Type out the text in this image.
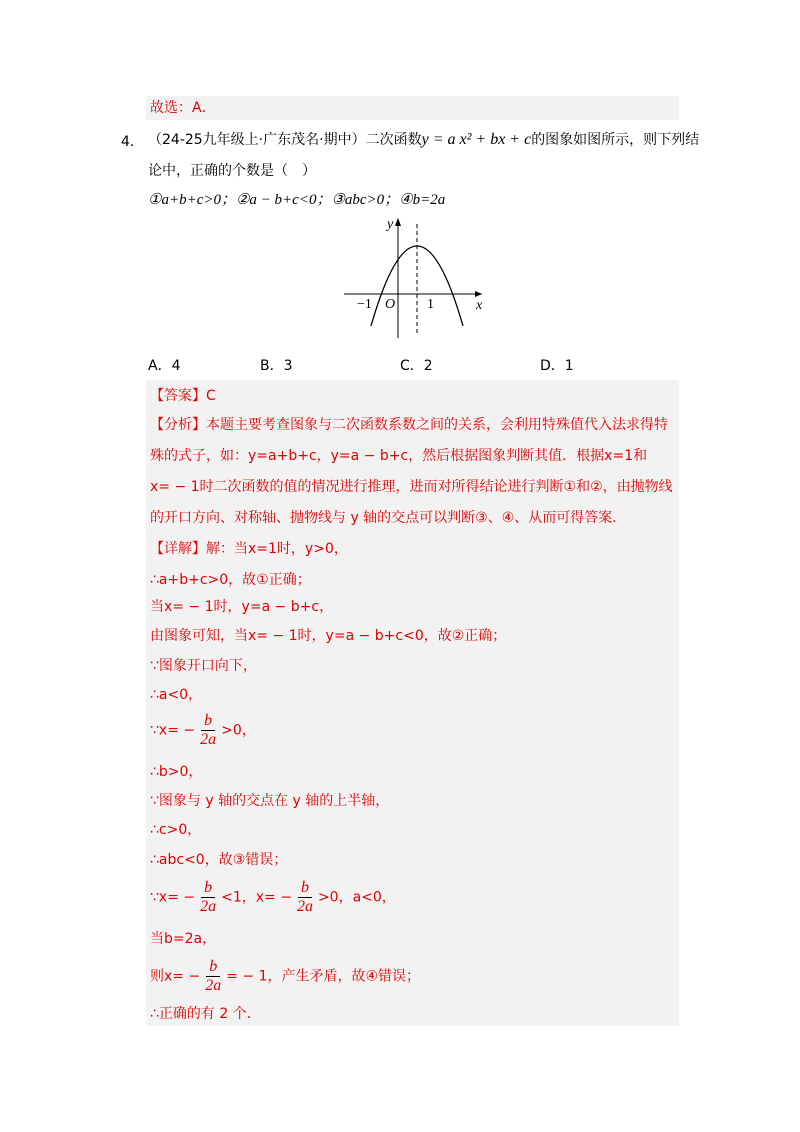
故选：A．
4． （24-25九年级上·广东茂名·期中）二次函数y = a x² + bx + c的图象如图所示，则下列结
论中，正确的个数是（　）
①a+b+c>0；②a − b+c<0；③abc>0；④b=2a
y
x
O
−1	1
A．4	B．3	C．2	D．1
【答案】C
【分析】本题主要考查图象与二次函数系数之间的关系，会利用特殊值代入法求得特
殊的式子，如：y=a+b+c，y=a − b+c，然后根据图象判断其值．根据x=1和
x= − 1时二次函数的值的情况进行推理，进而对所得结论进行判断①和②，由抛物线
的开口方向、对称轴、抛物线与 y 轴的交点可以判断③、④、从而可得答案．
【详解】解：当x=1时，y>0，
∴a+b+c>0，故①正确；
当x= − 1时，y=a − b+c，
由图象可知，当x= − 1时，y=a − b+c<0，故②正确；
∵图象开口向下，
∴a<0，
∵x= − $\frac{b}{2a} >0$，
∴b>0，
∵图象与 y 轴的交点在 y 轴的上半轴，
∴c>0，
∴abc<0，故③错误；
∵x= − $\frac{b}{2a} <1$，$x= - \frac{b}{2a} >0$，a<0，
当b=2a，
则$x= - \frac{b}{2a}$ = − 1，产生矛盾，故④错误；
∴正确的有 2 个．
